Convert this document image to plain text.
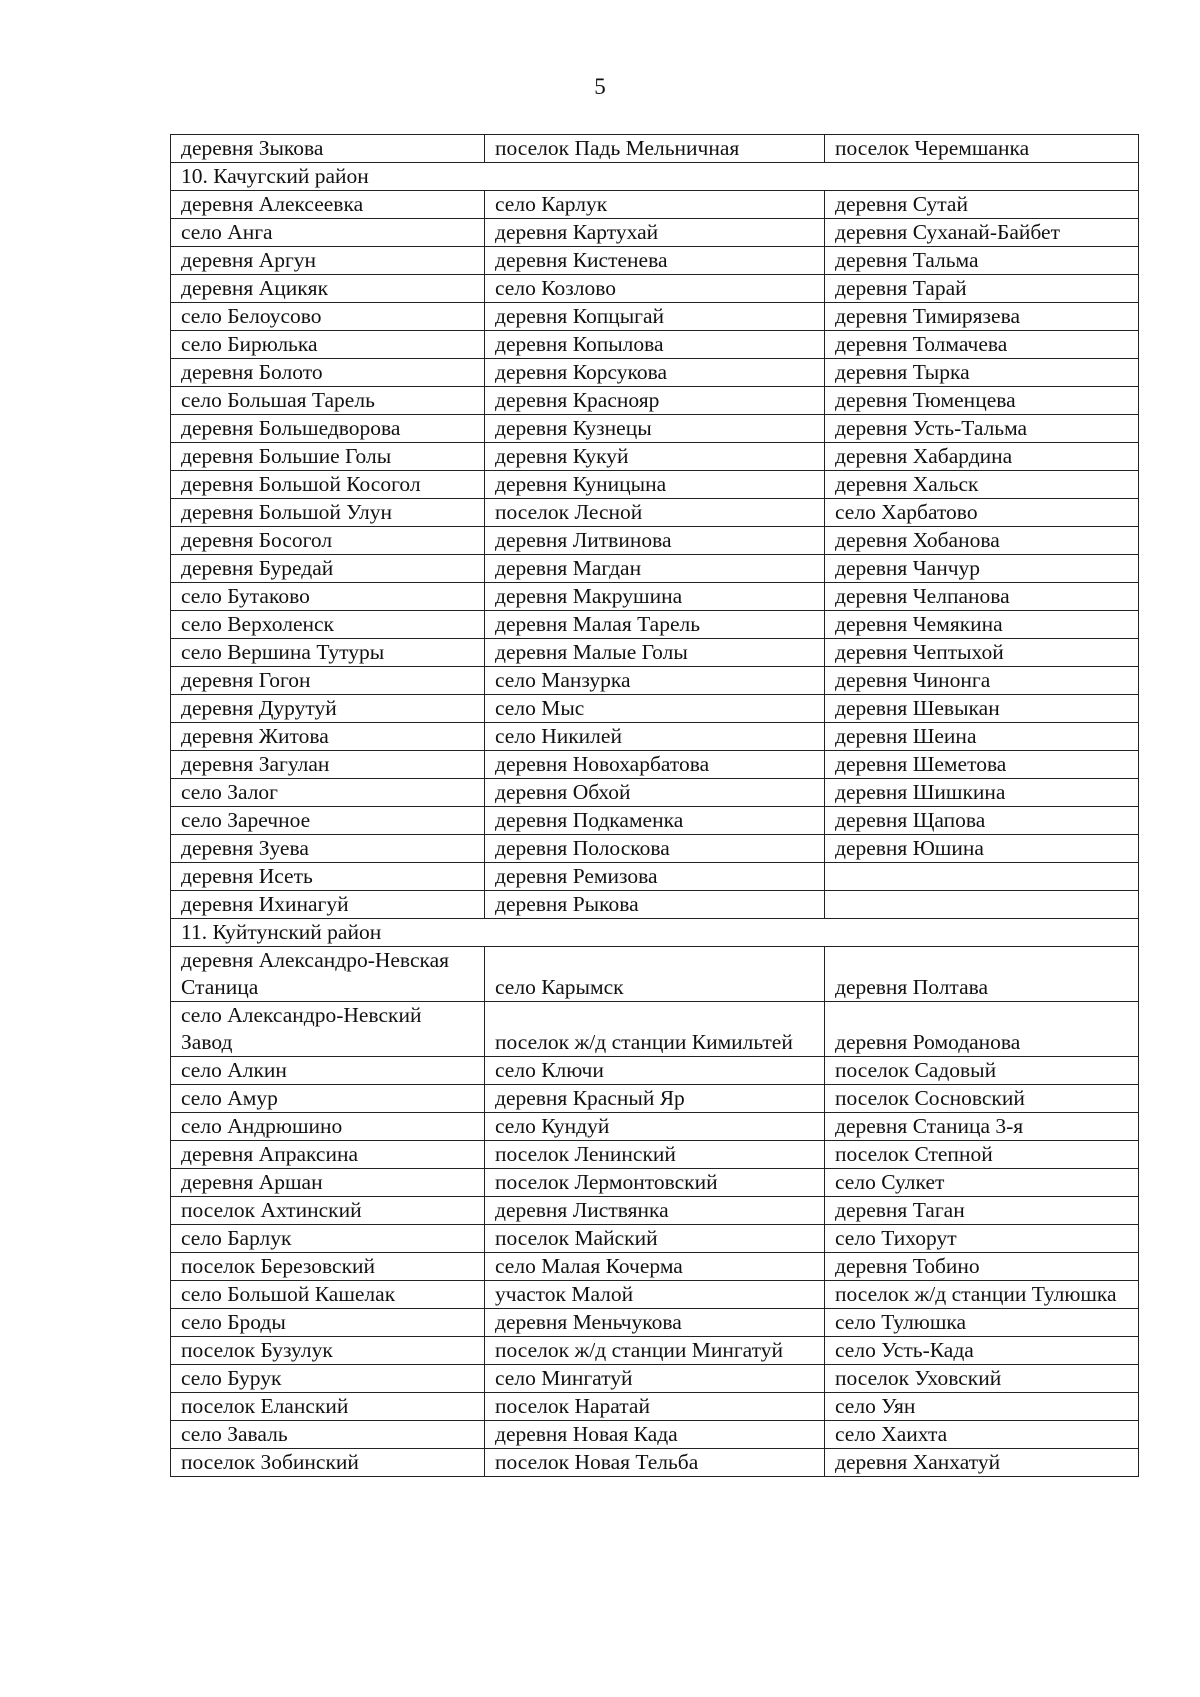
5
деревня Зыкова	поселок Падь Мельничная	поселок Черемшанка
10. Качугский район		
деревня Алексеевка	село Карлук	деревня Сутай
село Анга	деревня Картухай	деревня Суханай-Байбет
деревня Аргун	деревня Кистенева	деревня Тальма
деревня Ацикяк	село Козлово	деревня Тарай
село Белоусово	деревня Копцыгай	деревня Тимирязева
село Бирюлька	деревня Копылова	деревня Толмачева
деревня Болото	деревня Корсукова	деревня Тырка
село Большая Тарель	деревня Краснояр	деревня Тюменцева
деревня Большедворова	деревня Кузнецы	деревня Усть-Тальма
деревня Большие Голы	деревня Кукуй	деревня Хабардина
деревня Большой Косогол	деревня Куницына	деревня Хальск
деревня Большой Улун	поселок Лесной	село Харбатово
деревня Босогол	деревня Литвинова	деревня Хобанова
деревня Буредай	деревня Магдан	деревня Чанчур
село Бутаково	деревня Макрушина	деревня Челпанова
село Верхоленск	деревня Малая Тарель	деревня Чемякина
село Вершина Тутуры	деревня Малые Голы	деревня Чептыхой
деревня Гогон	село Манзурка	деревня Чинонга
деревня Дурутуй	село Мыс	деревня Шевыкан
деревня Житова	село Никилей	деревня Шеина
деревня Загулан	деревня Новохарбатова	деревня Шеметова
село Залог	деревня Обхой	деревня Шишкина
село Заречное	деревня Подкаменка	деревня Щапова
деревня Зуева	деревня Полоскова	деревня Юшина
деревня Исеть	деревня Ремизова	
деревня Ихинагуй	деревня Рыкова	
11. Куйтунский район		
деревня Александро-Невская Станица	село Карымск	деревня Полтава
село Александро-Невский Завод	поселок ж/д станции Кимильтей	деревня Ромоданова
село Алкин	село Ключи	поселок Садовый
село Амур	деревня Красный Яр	поселок Сосновский
село Андрюшино	село Кундуй	деревня Станица 3-я
деревня Апраксина	поселок Ленинский	поселок Степной
деревня Аршан	поселок Лермонтовский	село Сулкет
поселок Ахтинский	деревня Листвянка	деревня Таган
село Барлук	поселок Майский	село Тихорут
поселок Березовский	село Малая Кочерма	деревня Тобино
село Большой Кашелак	участок Малой	поселок ж/д станции Тулюшка
село Броды	деревня Меньчукова	село Тулюшка
поселок Бузулук	поселок ж/д станции Мингатуй	село Усть-Када
село Бурук	село Мингатуй	поселок Уховский
поселок Еланский	поселок Наратай	село Уян
село Заваль	деревня Новая Када	село Хаихта
поселок Зобинский	поселок Новая Тельба	деревня Ханхатуй
